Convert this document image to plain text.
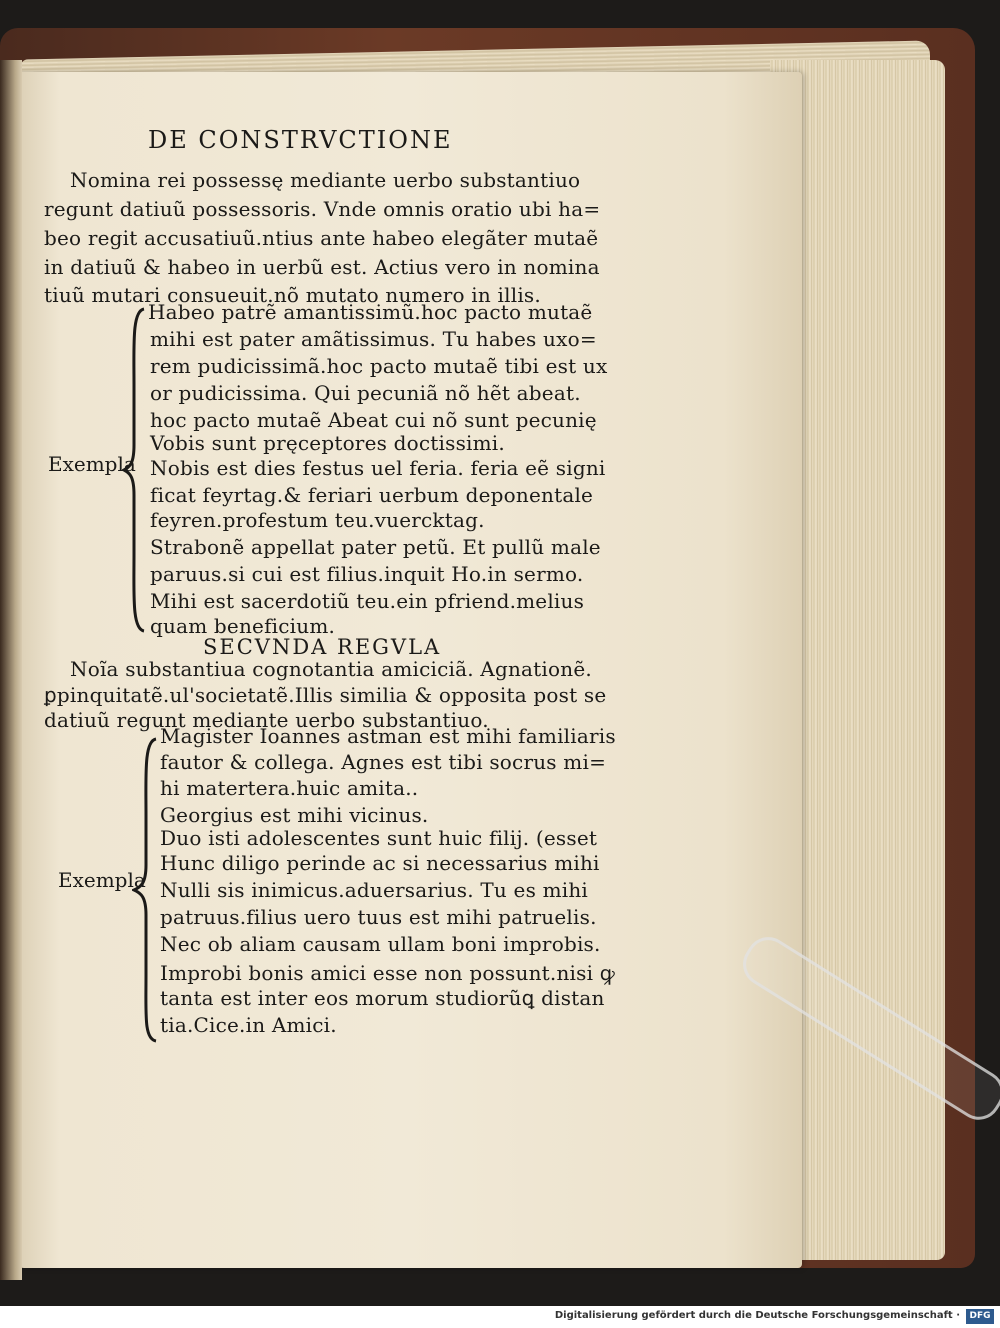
DE CONSTRVCTIONE
Nomina rei possessę mediante uerbo substantiuo
regunt datiuũ possessoris. Vnde omnis oratio ubi ha=
beo regit accusatiuũ.ntius ante habeo elegãter mutaẽ
in datiuũ & habeo in uerbũ est. Actius vero in nomina
tiuũ mutari consueuit.nõ mutato numero in illis.
Exempla
Habeo patrẽ amantissimũ.hoc pacto mutaẽ
mihi est pater amãtissimus. Tu habes uxo=
rem pudicissimã.hoc pacto mutaẽ tibi est ux
or pudicissima. Qui pecuniã nõ hẽt abeat.
hoc pacto mutaẽ Abeat cui nõ sunt pecunię
Vobis sunt pręceptores doctissimi.
Nobis est dies festus uel feria. feria eẽ signi
ficat feyrtag.& feriari uerbum deponentale
feyren.profestum teu.vuercktag.
Strabonẽ appellat pater petũ. Et pullũ male
paruus.si cui est filius.inquit Ho.in sermo.
Mihi est sacerdotiũ teu.ein pfriend.melius
quam beneficium.
SECVNDA REGVLA
Noĩa substantiua cognotantia amiciciã. Agnationẽ.
ꝑpinquitatẽ.ul'societatẽ.Illis similia & opposita post se
datiuũ regunt mediante uerbo substantiuo.
Exempla
Magister Ioannes astman est mihi familiaris
fautor & collega. Agnes est tibi socrus mi=
hi matertera.huic amita..
Georgius est mihi vicinus.
Duo isti adolescentes sunt huic filij. (esset
Hunc diligo perinde ac si necessarius mihi
Nulli sis inimicus.aduersarius. Tu es mihi
patruus.filius uero tuus est mihi patruelis.
Nec ob aliam causam ullam boni improbis.
Improbi bonis amici esse non possunt.nisi ꝙ
tanta est inter eos morum studiorũꝗ distan
tia.Cice.in Amici.
Digitalisierung gefördert durch die Deutsche Forschungsgemeinschaft ·	DFG
